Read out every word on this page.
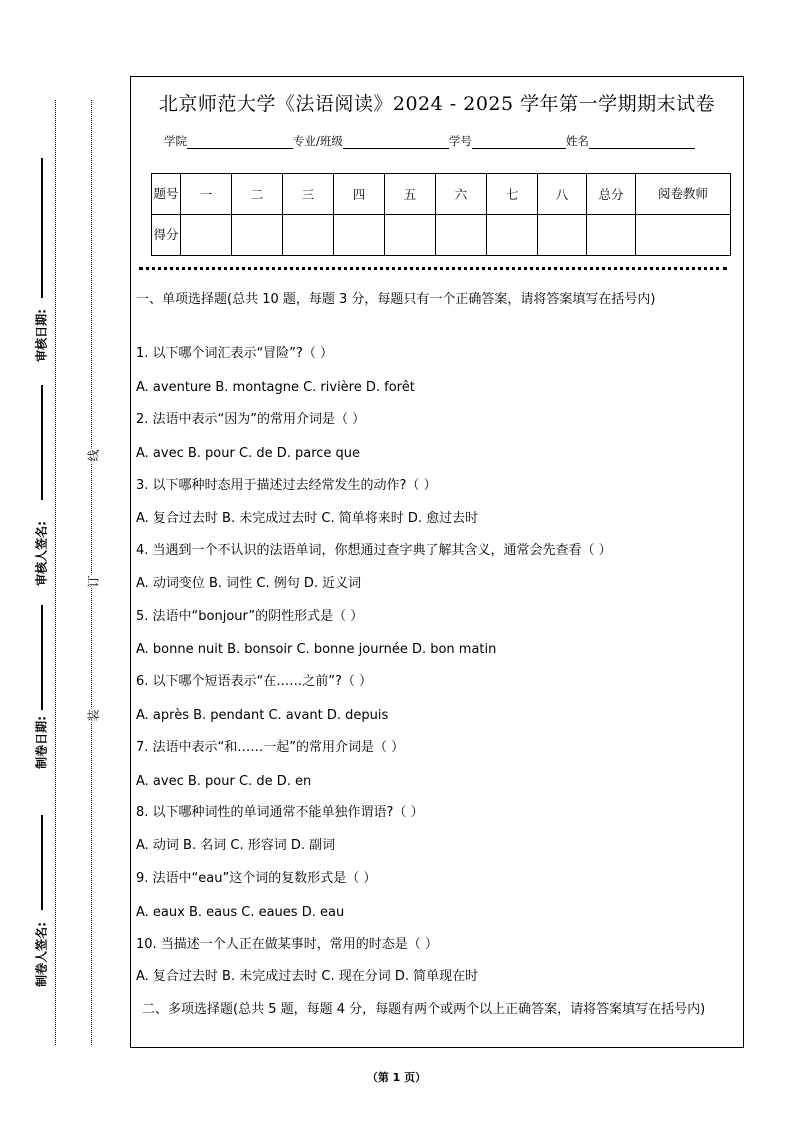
审核日期:
审核人签名:
制卷日期:
制卷人签名:
线
订
装
北京师范大学《法语阅读》2024 - 2025 学年第一学期期末试卷
学院	专业/班级	学号	姓名
题号	一	二	三	四	五	六	七	八	总分	阅卷教师
得分										
一、单项选择题(总共 10 题，每题 3 分，每题只有一个正确答案，请将答案填写在括号内)
1. 以下哪个词汇表示“冒险”?（ ）
A. aventure B. montagne C. rivière D. forêt
2. 法语中表示“因为”的常用介词是（ ）
A. avec B. pour C. de D. parce que
3. 以下哪种时态用于描述过去经常发生的动作?（ ）
A. 复合过去时 B. 未完成过去时 C. 简单将来时 D. 愈过去时
4. 当遇到一个不认识的法语单词，你想通过查字典了解其含义，通常会先查看（ ）
A. 动词变位 B. 词性 C. 例句 D. 近义词
5. 法语中“bonjour”的阴性形式是（ ）
A. bonne nuit B. bonsoir C. bonne journée D. bon matin
6. 以下哪个短语表示“在……之前”?（ ）
A. après B. pendant C. avant D. depuis
7. 法语中表示“和……一起”的常用介词是（ ）
A. avec B. pour C. de D. en
8. 以下哪种词性的单词通常不能单独作谓语?（ ）
A. 动词 B. 名词 C. 形容词 D. 副词
9. 法语中“eau”这个词的复数形式是（ ）
A. eaux B. eaus C. eaues D. eau
10. 当描述一个人正在做某事时，常用的时态是（ ）
A. 复合过去时 B. 未完成过去时 C. 现在分词 D. 简单现在时
二、多项选择题(总共 5 题，每题 4 分，每题有两个或两个以上正确答案，请将答案填写在括号内)
（第 1 页）
